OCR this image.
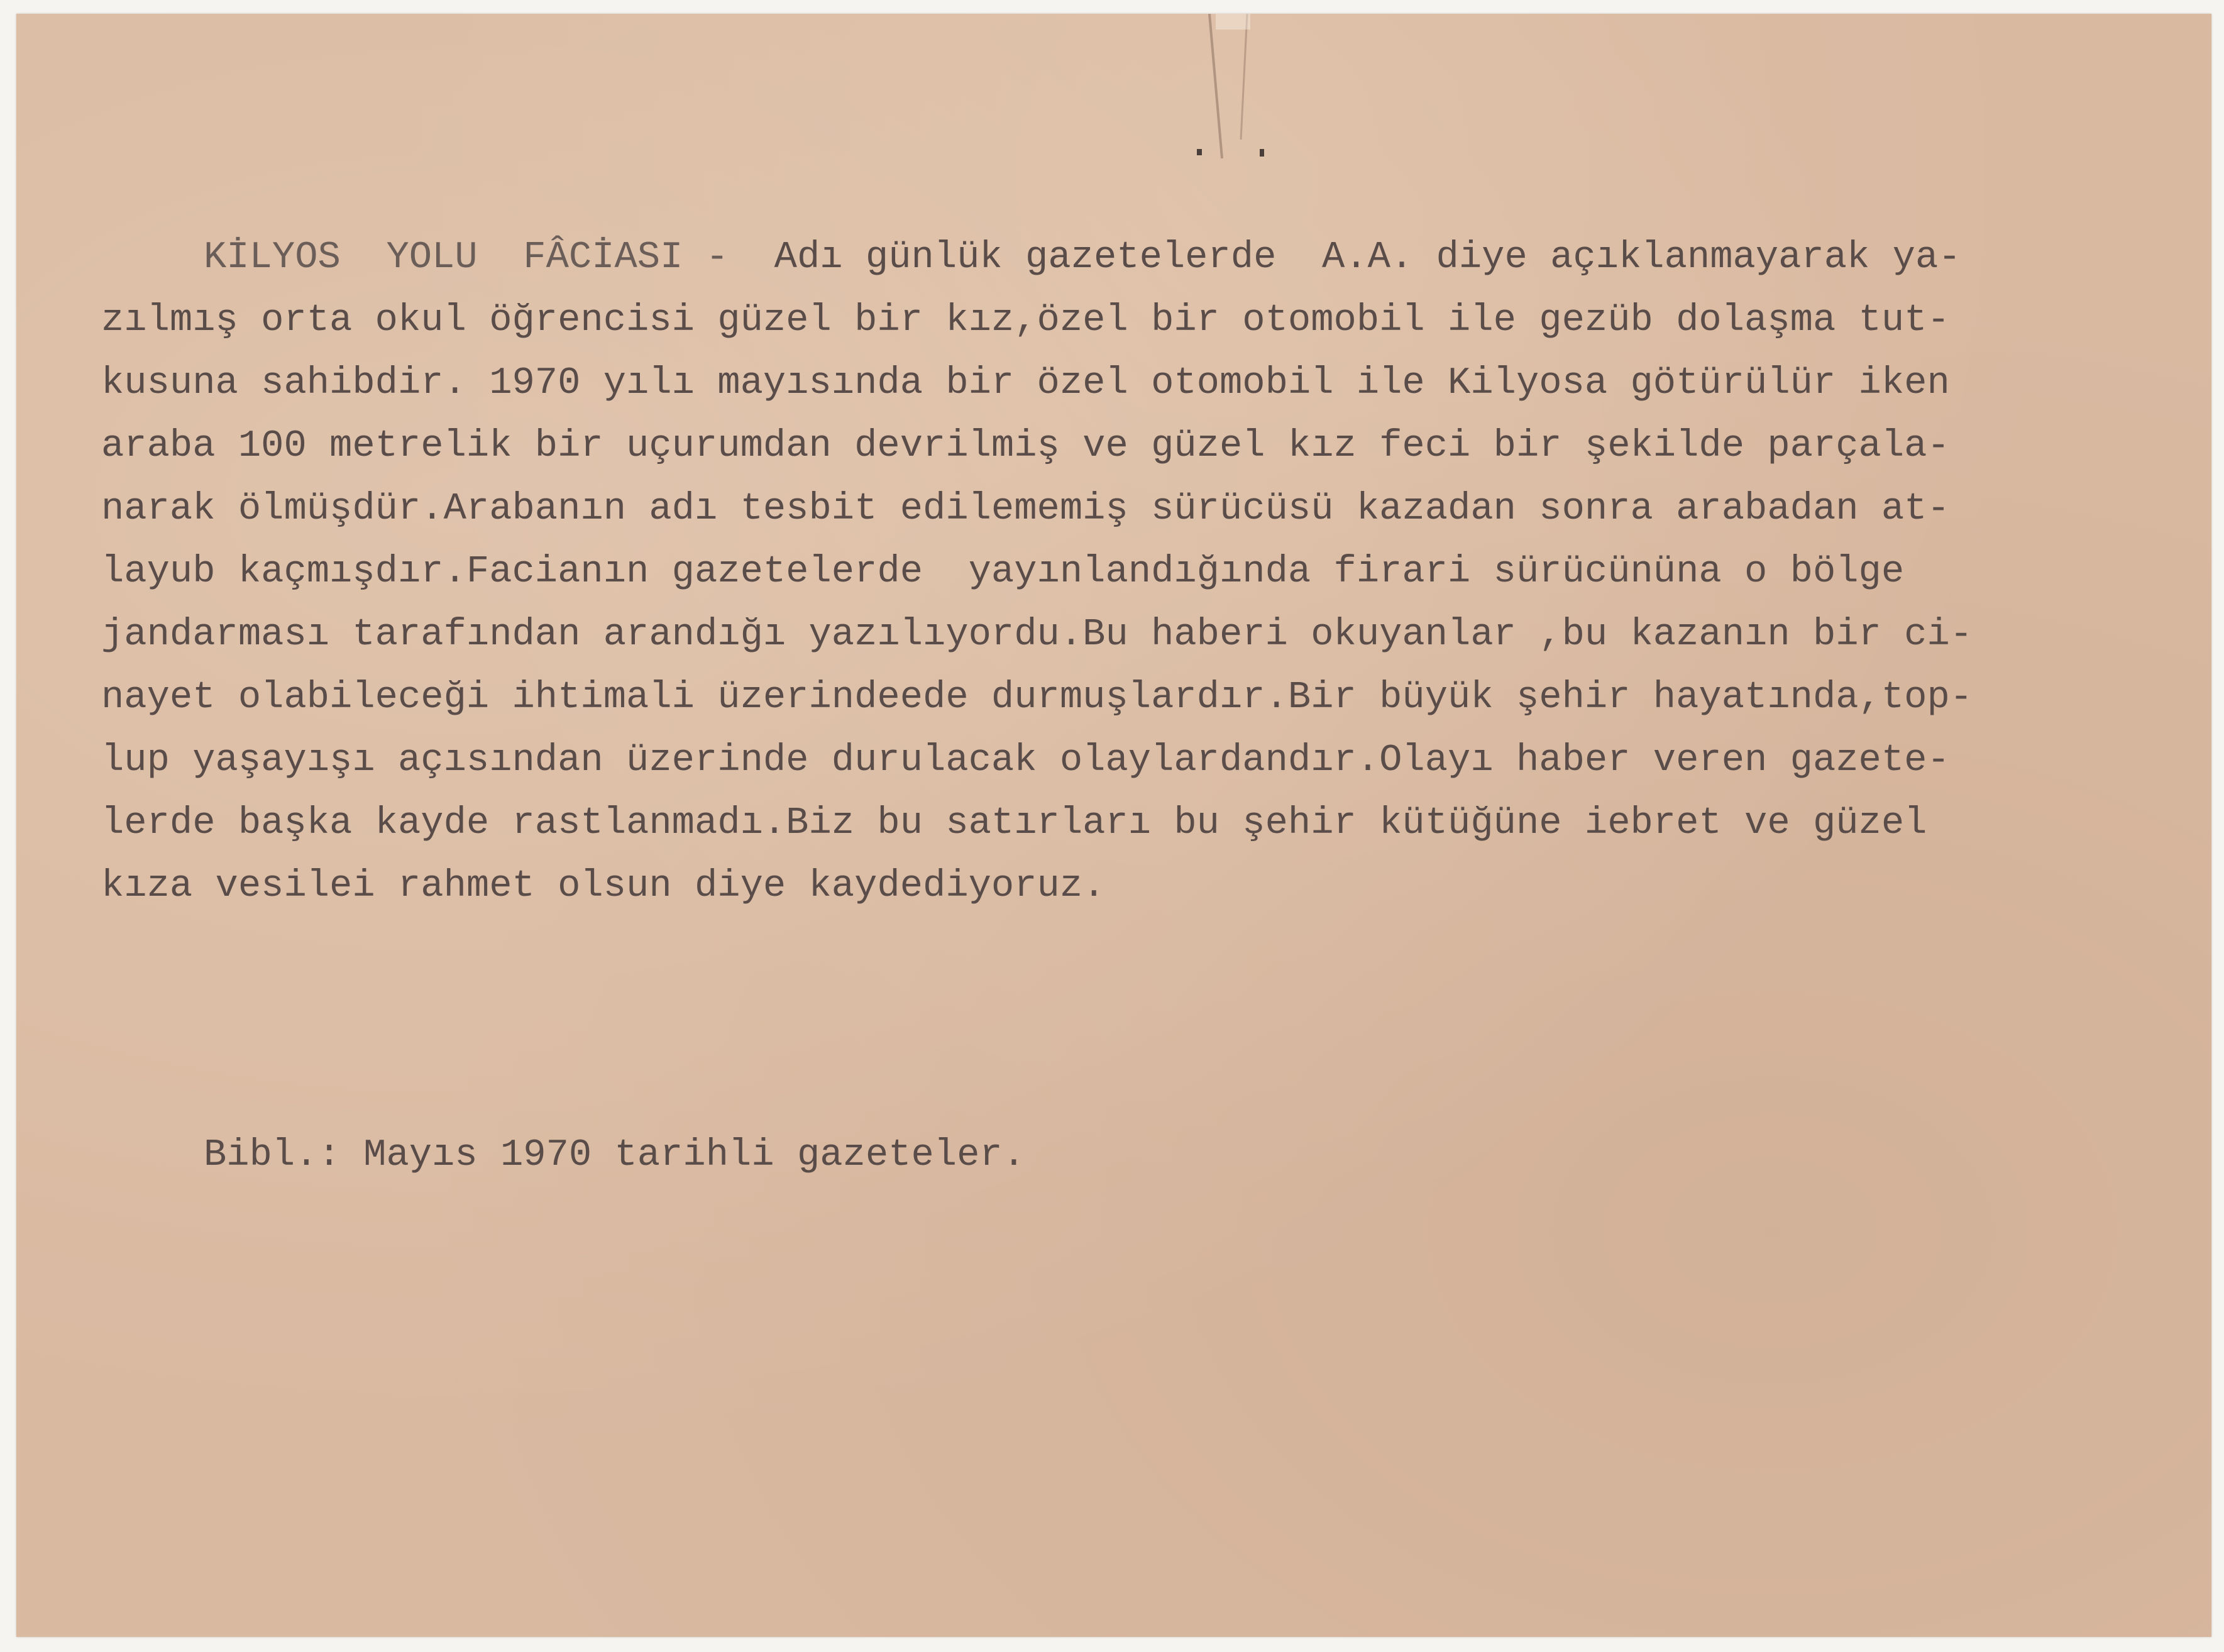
KİLYOS  YOLU  FÂCİASI - Adı günlük gazetelerde  A.A. diye açıklanmayarak ya-
zılmış orta okul öğrencisi güzel bir kız,özel bir otomobil ile gezüb dolaşma tut-
kusuna sahibdir. 1970 yılı mayısında bir özel otomobil ile Kilyosa götürülür iken
araba 100 metrelik bir uçurumdan devrilmiş ve güzel kız feci bir şekilde parçala-
narak ölmüşdür.Arabanın adı tesbit edilememiş sürücüsü kazadan sonra arabadan at-
layub kaçmışdır.Facianın gazetelerde  yayınlandığında firari sürücününa o bölge
jandarması tarafından arandığı yazılıyordu.Bu haberi okuyanlar ,bu kazanın bir ci-
nayet olabileceği ihtimali üzerindeede durmuşlardır.Bir büyük şehir hayatında,top-
lup yaşayışı açısından üzerinde durulacak olaylardandır.Olayı haber veren gazete-
lerde başka kayde rastlanmadı.Biz bu satırları bu şehir kütüğüne iebret ve güzel
kıza vesilei rahmet olsun diye kaydediyoruz.
Bibl.: Mayıs 1970 tarihli gazeteler.
